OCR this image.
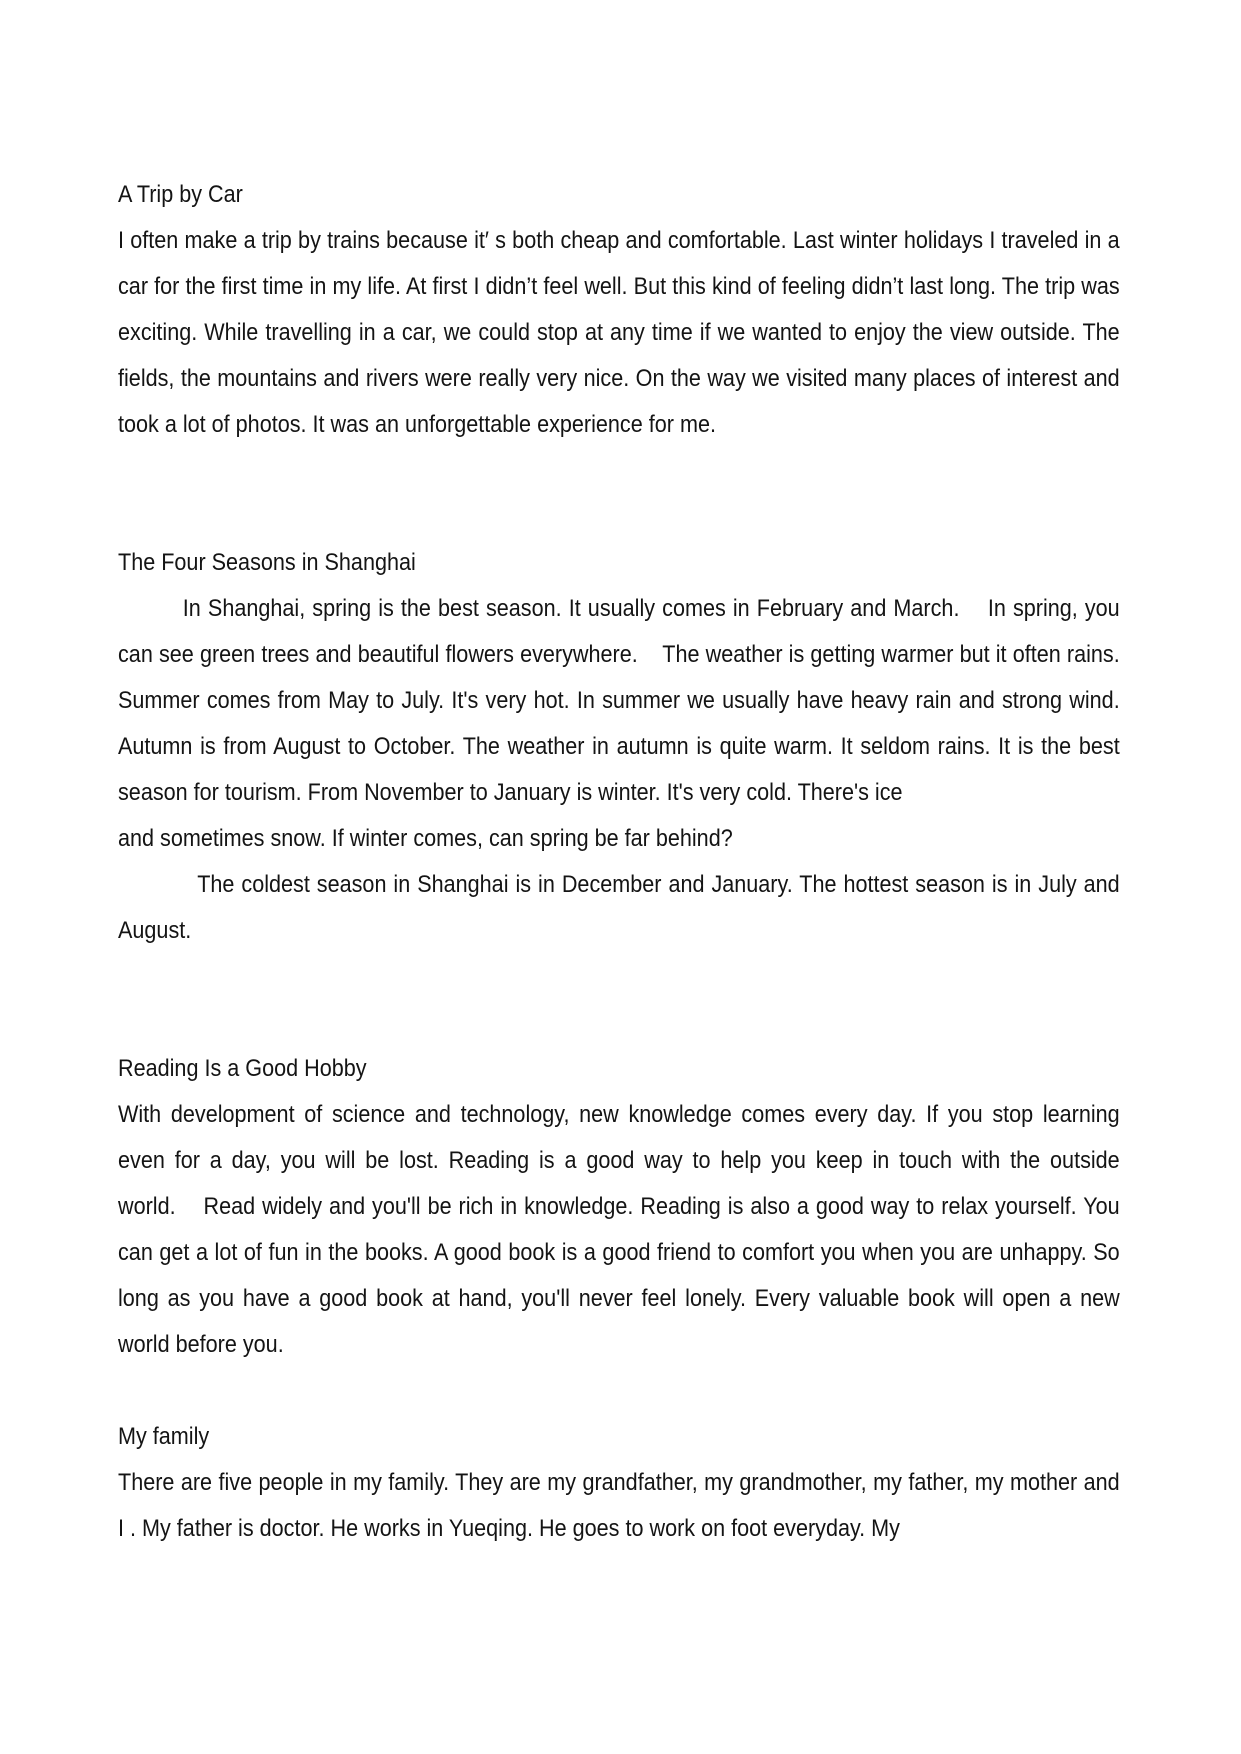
A Trip by Car

I often make a trip by trains because it′ s both cheap and comfortable. Last winter holidays I traveled in a car for the first time in my life. At first I didn’t feel well. But this kind of feeling didn’t last long. The trip was exciting. While travelling in a car, we could stop at any time if we wanted to enjoy the view outside. The fields, the mountains and rivers were really very nice. On the way we visited many places of interest and took a lot of photos. It was an unforgettable experience for me.

The Four Seasons in Shanghai

In Shanghai, spring is the best season. It usually comes in February and March.    In spring, you can see green trees and beautiful flowers everywhere.    The weather is getting warmer but it often rains. Summer comes from May to July. It's very hot. In summer we usually have heavy rain and strong wind. Autumn is from August to October. The weather in autumn is quite warm. It seldom rains. It is the best season for tourism. From November to January is winter. It's very cold. There's ice

and sometimes snow. If winter comes, can spring be far behind?

The coldest season in Shanghai is in December and January. The hottest season is in July and August.

Reading Is a Good Hobby

With development of science and technology, new knowledge comes every day. If you stop learning even for a day, you will be lost. Reading is a good way to help you keep in touch with the outside world.    Read widely and you'll be rich in knowledge. Reading is also a good way to relax yourself. You can get a lot of fun in the books. A good book is a good friend to comfort you when you are unhappy. So long as you have a good book at hand, you'll never feel lonely. Every valuable book will open a new world before you.

My family

There are five people in my family. They are my grandfather, my grandmother, my father, my mother and I . My father is doctor. He works in Yueqing. He goes to work on foot everyday. My
